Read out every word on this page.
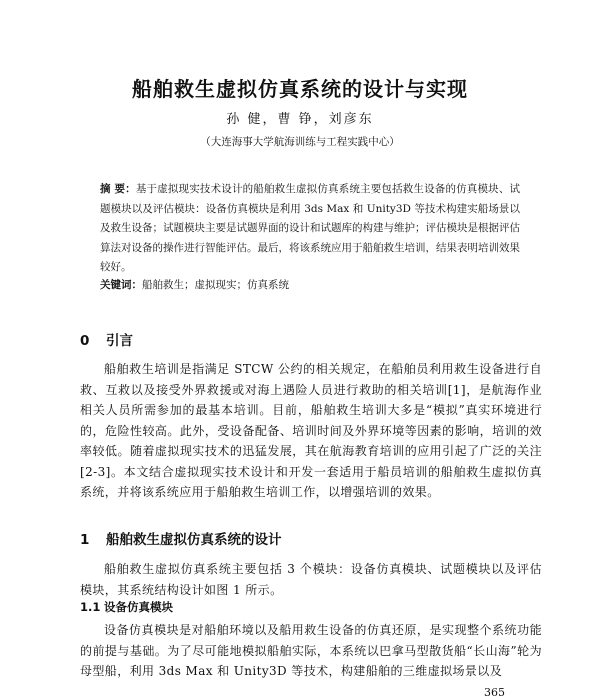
船舶救生虚拟仿真系统的设计与实现
孙 健，曹 铮，刘彦东
（大连海事大学航海训练与工程实践中心）
摘 要：基于虚拟现实技术设计的船舶救生虚拟仿真系统主要包括救生设备的仿真模块、试题模块以及评估模块：设备仿真模块是利用 3ds Max 和 Unity3D 等技术构建实船场景以及救生设备；试题模块主要是试题界面的设计和试题库的构建与维护；评估模块是根据评估算法对设备的操作进行智能评估。最后，将该系统应用于船舶救生培训，结果表明培训效果较好。
关键词：船舶救生；虚拟现实；仿真系统
0 引言
船舶救生培训是指满足 STCW 公约的相关规定，在船舶员利用救生设备进行自救、互救以及接受外界救援或对海上遇险人员进行救助的相关培训[1]，是航海作业相关人员所需参加的最基本培训。目前，船舶救生培训大多是“模拟”真实环境进行的，危险性较高。此外，受设备配备、培训时间及外界环境等因素的影响，培训的效率较低。随着虚拟现实技术的迅猛发展，其在航海教育培训的应用引起了广泛的关注[2-3]。本文结合虚拟现实技术设计和开发一套适用于船员培训的船舶救生虚拟仿真系统，并将该系统应用于船舶救生培训工作，以增强培训的效果。
1 船舶救生虚拟仿真系统的设计
船舶救生虚拟仿真系统主要包括 3 个模块：设备仿真模块、试题模块以及评估模块，其系统结构设计如图 1 所示。
1.1 设备仿真模块
设备仿真模块是对船舶环境以及船用救生设备的仿真还原，是实现整个系统功能的前提与基础。为了尽可能地模拟船舶实际，本系统以巴拿马型散货船“长山海”轮为母型船，利用 3ds Max 和 Unity3D 等技术，构建船舶的三维虚拟场景以及
365
